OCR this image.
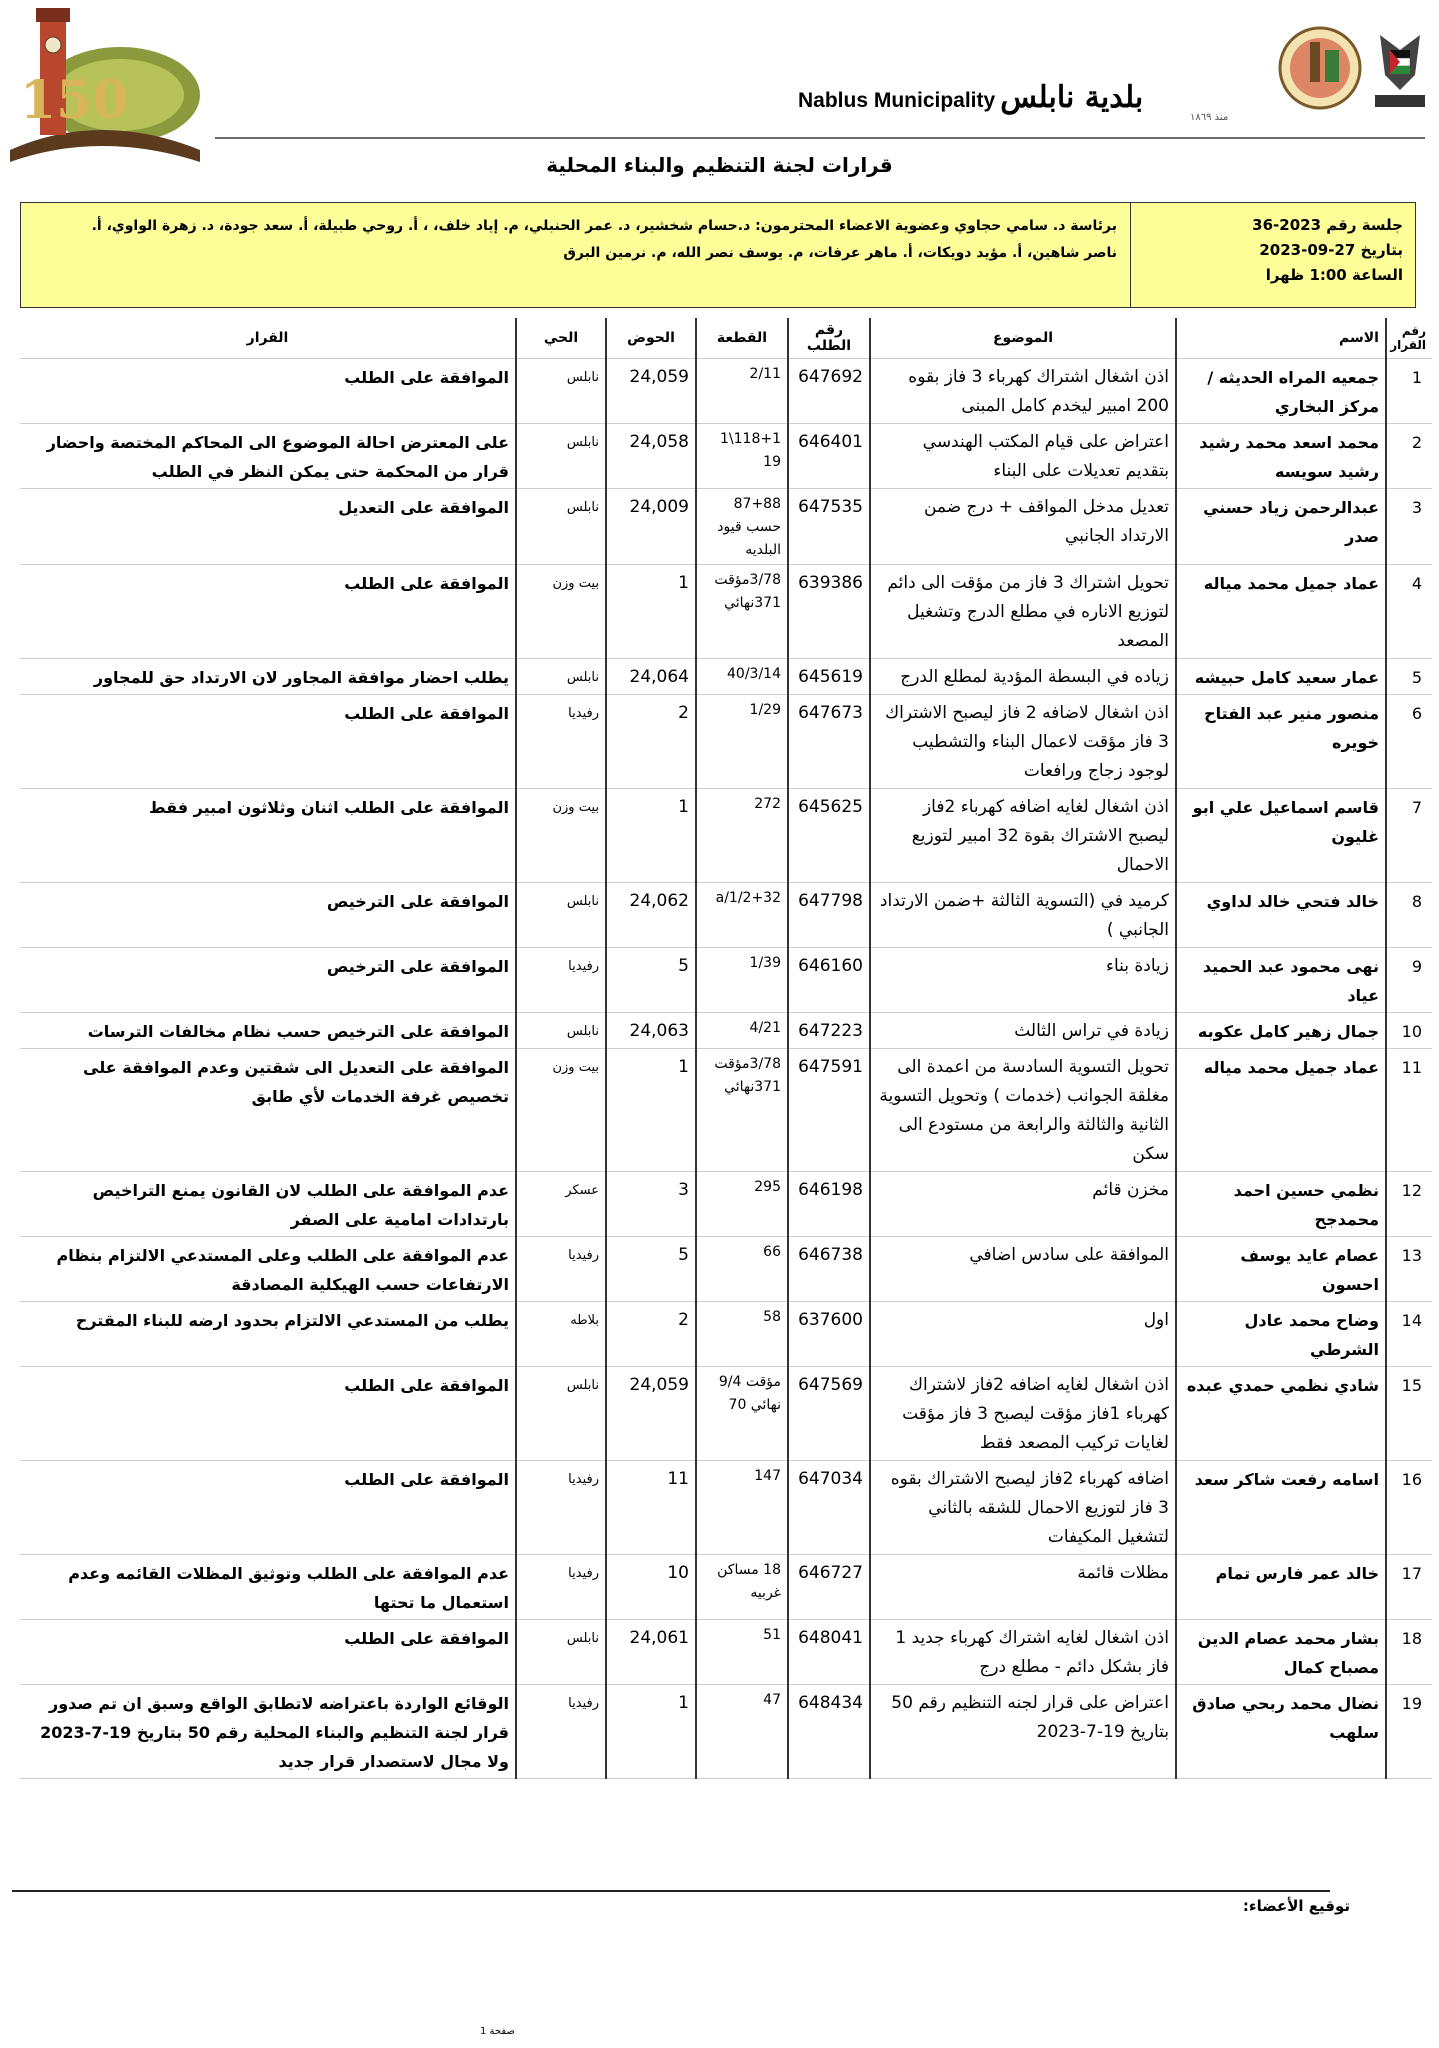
150	بلدية نابلس Nablus Municipality
منذ ١٨٦٩
قرارات لجنة التنظيم والبناء المحلية
جلسة رقم 2023-36
بتاريخ 27-09-2023
الساعة 1:00 ظهرا
برئاسة د. سامي حجاوي وعضوية الاعضاء المحترمون: د.حسام شخشير، د. عمر الحنبلي، م. إياد خلف، ، أ. روحي طبيلة، أ. سعد جودة، د. زهرة الواوي، أ.
ناصر شاهين، أ. مؤيد دويكات، أ. ماهر عرفات، م. يوسف نصر الله، م. نرمين البرق
رقم القرار	الاسم	الموضوع	رقم الطلب	القطعة	الحوض	الحي	القرار
1	جمعيه المراه الحديثه / مركز البخاري	اذن اشغال اشتراك كهرباء 3 فاز بقوه 200 امبير ليخدم كامل المبنى	647692	2/11	24,059	نابلس	الموافقة على الطلب
2	محمد اسعد محمد رشيد رشيد سويسه	اعتراض على قيام المكتب الهندسي بتقديم تعديلات على البناء	646401	118+1\1 19	24,058	نابلس	على المعترض احالة الموضوع الى المحاكم المختصة واحضار قرار من المحكمة حتى يمكن النظر في الطلب
3	عبدالرحمن زياد حسني صدر	تعديل مدخل المواقف + درج ضمن الارتداد الجانبي	647535	87+88 حسب قيود البلديه	24,009	نابلس	الموافقة على التعديل
4	عماد جميل محمد مياله	تحويل اشتراك 3 فاز من مؤقت الى دائم لتوزيع الاناره في مطلع الدرج وتشغيل المصعد	639386	3/78مؤقت 371نهائي	1	بيت وزن	الموافقة على الطلب
5	عمار سعيد كامل حبيشه	زياده في البسطة المؤدية لمطلع الدرج	645619	40/3/14	24,064	نابلس	يطلب احضار موافقة المجاور لان الارتداد حق للمجاور
6	منصور منير عبد الفتاح خويره	اذن اشغال لاضافه 2 فاز ليصبح الاشتراك 3 فاز مؤقت لاعمال البناء والتشطيب لوجود زجاج ورافعات	647673	1/29	2	رفيديا	الموافقة على الطلب
7	قاسم اسماعيل علي ابو غليون	اذن اشغال لغايه اضافه كهرباء 2فاز ليصبح الاشتراك بقوة 32 امبير لتوزيع الاحمال	645625	272	1	بيت وزن	الموافقة على الطلب اثنان وثلاثون امبير فقط
8	خالد فتحي خالد لداوي	كرميد في (التسوية الثالثة +ضمن الارتداد الجانبي )	647798	a/1/2+32	24,062	نابلس	الموافقة على الترخيص
9	نهى محمود عبد الحميد عياد	زيادة بناء	646160	1/39	5	رفيديا	الموافقة على الترخيص
10	جمال زهير كامل عكوبه	زيادة في تراس الثالث	647223	4/21	24,063	نابلس	الموافقة على الترخيص حسب نظام مخالفات الترسات
11	عماد جميل محمد مياله	تحويل التسوية السادسة من اعمدة الى مغلقة الجوانب (خدمات ) وتحويل التسوية الثانية والثالثة والرابعة من مستودع الى سكن	647591	3/78مؤقت 371نهائي	1	بيت وزن	الموافقة على التعديل الى شقتين وعدم الموافقة على تخصيص غرفة الخدمات لأي طابق
12	نظمي حسين احمد محمدجح	مخزن قائم	646198	295	3	عسكر	عدم الموافقة على الطلب لان القانون يمنع التراخيص بارتدادات امامية على الصفر
13	عصام عايد يوسف احسون	الموافقة على سادس اضافي	646738	66	5	رفيديا	عدم الموافقة على الطلب وعلى المستدعي الالتزام بنظام الارتفاعات حسب الهيكلية المصادقة
14	وضاح محمد عادل الشرطي	اول	637600	58	2	بلاطه	يطلب من المستدعي الالتزام بحدود ارضه للبناء المقترح
15	شادي نظمي حمدي عبده	اذن اشغال لغايه اضافه 2فاز لاشتراك كهرباء 1فاز مؤقت ليصبح 3 فاز مؤقت لغايات تركيب المصعد فقط	647569	مؤقت 9/4 نهائي 70	24,059	نابلس	الموافقة على الطلب
16	اسامه رفعت شاكر سعد	اضافه كهرباء 2فاز ليصبح الاشتراك بقوه 3 فاز لتوزيع الاحمال للشقه بالثاني لتشغيل المكيفات	647034	147	11	رفيديا	الموافقة على الطلب
17	خالد عمر فارس تمام	مظلات قائمة	646727	18 مساكن غربيه	10	رفيديا	عدم الموافقة على الطلب وتوثيق المظلات القائمه وعدم استعمال ما تحتها
18	بشار محمد عصام الدين مصباح كمال	اذن اشغال لغايه اشتراك كهرباء جديد 1 فاز بشكل دائم - مطلع درج	648041	51	24,061	نابلس	الموافقة على الطلب
19	نضال محمد ربحي صادق سلهب	اعتراض على قرار لجنه التنظيم رقم 50 بتاريخ 19-7-2023	648434	47	1	رفيديا	الوقائع الواردة باعتراضه لاتطابق الواقع وسبق ان تم صدور قرار لجنة التنظيم والبناء المحلية رقم 50 بتاريخ 19-7-2023 ولا مجال لاستصدار قرار جديد
توقيع الأعضاء:
صفحة 1
